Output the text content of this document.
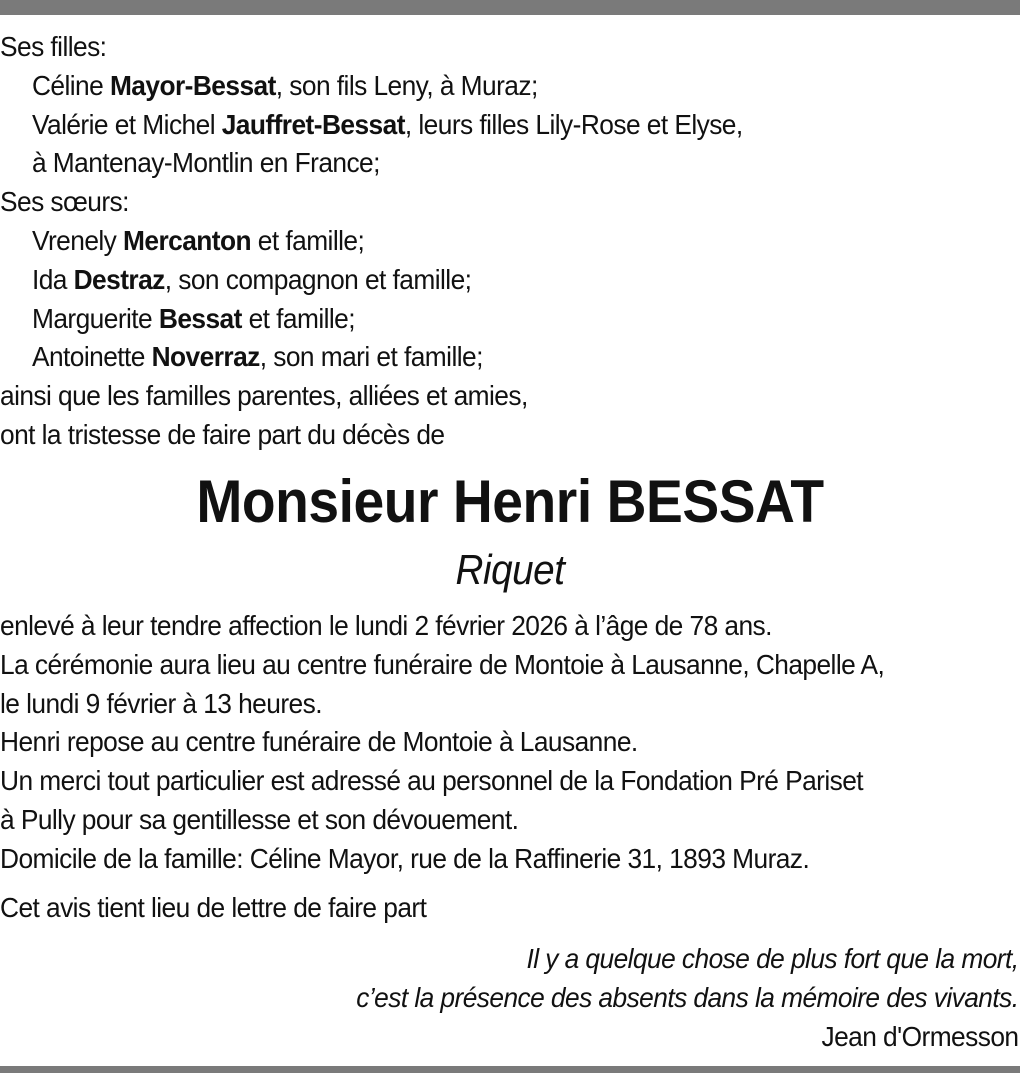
Ses filles:
Céline Mayor-Bessat, son fils Leny, à Muraz;
Valérie et Michel Jauffret-Bessat, leurs filles Lily-Rose et Elyse,
à Mantenay-Montlin en France;
Ses sœurs:
Vrenely Mercanton et famille;
Ida Destraz, son compagnon et famille;
Marguerite Bessat et famille;
Antoinette Noverraz, son mari et famille;
ainsi que les familles parentes, alliées et amies,
ont la tristesse de faire part du décès de
Monsieur Henri BESSAT
Riquet
enlevé à leur tendre affection le lundi 2 février 2026 à l’âge de 78 ans.
La cérémonie aura lieu au centre funéraire de Montoie à Lausanne, Chapelle A,
le lundi 9 février à 13 heures.
Henri repose au centre funéraire de Montoie à Lausanne.
Un merci tout particulier est adressé au personnel de la Fondation Pré Pariset
à Pully pour sa gentillesse et son dévouement.
Domicile de la famille: Céline Mayor, rue de la Raffinerie 31, 1893 Muraz.
Cet avis tient lieu de lettre de faire part
Il y a quelque chose de plus fort que la mort,
c’est la présence des absents dans la mémoire des vivants.
Jean d'Ormesson
